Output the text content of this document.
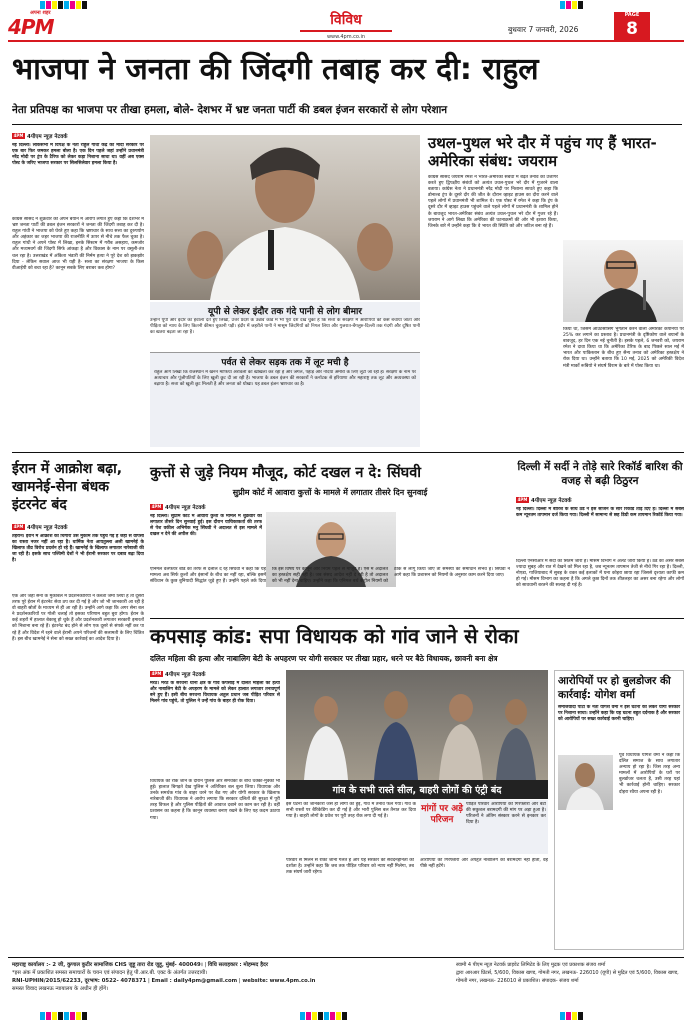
अपना शहर
4PM	विविध
www.4pm.co.in
बुधवार 7 जनवरी, 2026
PAGE
8
भाजपा ने जनता की जिंदगी तबाह कर दी: राहुल
नेता प्रतिपक्ष का भाजपा पर तीखा हमला, बोले- देशभर में भ्रष्ट जनता पार्टी की डबल इंजन सरकारों से लोग परेशान
4PM 4पीएम न्यूज़ नेटवर्क
नई दिल्ली। लोकसभा में विपक्ष के नेता राहुल गांधी केंद्र की मोदी सरकार पर एक बार फिर जमकर हमला बोला है। एक दिन पहले जहां उन्होंने प्रधानमंत्री नरेंद्र मोदी पर ट्रंप के टैरिफ को लेकर कड़ा निशाना साधा था। वहीं अब एक्स पोस्ट के जरिए भाजपा सरकार पर सिलसिलेवार हमला किया है।
कांग्रेस सांसद ने शुक्रवार को अपने बयान में आरोप लगाते हुए कहा कि देशभर में भ्रष्ट जनता पार्टी की डबल इंजन सरकारों ने जनता की जिंदगी तबाह कर दी है। राहुल गांधी ने भाजपा को घेरते हुए कहा कि भ्रष्टाचार के साथ सत्ता का दुरुपयोग और अहंकार का जहर भाजपा की राजनीति में ऊपर से नीचे तक फैल चुका है। राहुल गांधी ने अपने पोस्ट में लिखा, इनके सिस्टम में गरीब असहाय, कमजोर और मध्यमवर्ग की जिंदगी सिर्फ आंकड़ा है और विकास के नाम पर वसूली-तंत्र चल रहा है। उत्तराखंड में अंकिता भंडारी की निर्मम हत्या ने पूरे देश को झकझोर दिया - लेकिन सवाल आज भी यही है- सत्ता का संरक्षण भाजपा के किस वीआईपी को बचा रहा है? कानून सबके लिए बराबर कब होगा?
यूपी से लेकर इंदौर तक गंदे पानी से लोग बीमार
उन्होंने यूपी और इंदौर का हवाला देते हुए लिखा, उत्तर प्रदेश के उन्नाव कांड में भी पूरा देश देख चुका है कि सत्ता के संरक्षण में आरोपियों को कैसे बचाया जाता और पीड़िता को न्याय के लिए कितनी कीमत चुकानी पड़ी। इंदौर में जहरीले पानी ने मासूम जिंदगियों को निगल लिया और गुजरात-बेंगलुरु-दिल्ली तक गंदगी और दूषित पानी का खतरा बढ़ता जा रहा है।
पर्वत से लेकर सड़क तक में लूट मची है
राहुल आगे लिखा कि राजस्थान में खनन माफिया अरावली को खोखला कर रहा है और जंगल, पहाड़ और नदियां अमीरों के लिए लूटी जा रही हैं। संरक्षण के नाम पर अत्याचार और पूंजीपतियों के लिए खुली छूट दी जा रही है। भाजपा के डबल इंजन की सरकारों ने कर्नाटक से हरियाणा और महाराष्ट्र तक लूट और अव्यवस्था को बढ़ाया है। सत्ता को खुली छूट मिलती है और जनता को धोखा। यह डबल इंजन भ्रष्टाचार का है।
उथल-पुथल भरे दौर में पहुंच गए हैं भारत-अमेरिका संबंध: जयराम
कांग्रेस सांसद जयराम रमेश ने भारत-अमेरिका संबंधों में बढ़ते तनाव को उजागर करते हुए द्विपक्षीय संबंधों को अत्यंत उथल-पुथल भरे दौर में गुजरने वाला बताया। कांग्रेस नेता ने प्रधानमंत्री नरेंद्र मोदी पर निशाना साधते हुए कहा कि डोनाल्ड ट्रंप के दूसरे दौर की जीत के दौरान व्हाइट हाउस का दौरा करने वाले पहले लोगों में प्रधानमंत्री भी शामिल थे। एक पोस्ट में रमेश ने कहा कि ट्रंप के दूसरे दौर में व्हाइट हाउस पहुंचने वाले पहले लोगों में प्रधानमंत्री के शामिल होने के बावजूद भारत-अमेरिका संबंध अत्यंत उथल-पुथल भरे दौर में गुजर रहे हैं। जयराम ने आगे लिखा कि अमेरिका की घटनाक्रमों की ओर भी इशारा किया, जिनके बारे में उन्होंने कहा कि वे भारत की स्थिति को और जटिल बना रहे हैं।
किया था, जिसमें आउटसोर्सिंग भुगतान करने वाली अमेरिकी कंपनियों पर 25% कर लगाने का प्रस्ताव है। प्रधानमंत्री के दृष्टिकोण वाले बयानों के बावजूद, हर दिन एक नई चुनौती है। इसके पहले, 6 जनवरी को, जयराम रमेश ने दावा किया था कि अमेरिका टैरिफ के बाद पिछले साल मई में भारत और पाकिस्तान के बीच हुए सैन्य तनाव को अमेरिका हस्तक्षेप ने रोक दिया था। उन्होंने बताया कि 10 मई, 2025 को अमेरिकी विदेश मंत्री मार्को रूबियो ने संघर्ष विराम के बारे में पोस्ट किया था।
ईरान में आक्रोश बढ़ा, खामनेई-सेना बंधक इंटरनेट बंद
4PM 4पीएम न्यूज़ नेटवर्क
तेहरान। ईरान में आक्रोश की चिंगारी उस मुकाम तक पहुंच गई है जहां से वापसी का रास्ता नजर नहीं आ रहा है। धार्मिक नेता आयतुल्ला अली खामनेई के खिलाफ तीव्र विरोध प्रदर्शन हो रहे हैं। खामनेई के खिलाफ लगातार नारेबाजी की जा रही है। इसके साथ पश्चिमी देशों ने भी ईरानी सरकार पर दबाव बढ़ा दिया है।
एक ओर जहां सेना के मुकाबले में प्रदर्शनकारियों ने कब्जा जमा लिया है तो दूसरी तरफ पूरे ईरान में इंटरनेट सेवा ठप कर दी गई है और जो भी जानकारी आ रही है वो बाहरी स्रोतों के माध्यम से ही आ रही है। उन्होंने आगे कहा कि अगर सेना बल ने प्रदर्शनकारियों पर गोली चलाई तो इसका परिणाम बहुत बुरा होगा। ईरान के कई शहरों में हालात बेकाबू हो चुके हैं और प्रदर्शनकारी लगातार सरकारी इमारतों को निशाना बना रहे हैं। इंटरनेट बंद होने से लोग एक दूसरे से संपर्क नहीं कर पा रहे हैं और विदेश में रहने वाले ईरानी अपने परिजनों की सलामती के लिए चिंतित हैं। इस बीच खामनेई ने सेना को सख्त कार्रवाई का आदेश दिया है।
कुत्तों से जुड़े नियम मौजूद, कोर्ट दखल न दे: सिंघवी
सुप्रीम कोर्ट में आवारा कुत्तों के मामले में लगातार तीसरे दिन सुनवाई
4PM 4पीएम न्यूज़ नेटवर्क
नई दिल्ली। सुप्रीम कोर्ट में आवारा कुत्तों के मामले में शुक्रवार को लगातार तीसरे दिन सुनवाई हुई। इस दौरान याचिकाकर्ता की तरफ से पेश वकील अभिषेक मनु सिंघवी ने अदालत से इस मामले में दखल न देने की अपील की।
एनिमल वेलफेयर बोर्ड की तरफ से दलील दे रहे सिंघवी ने कहा कि यह मामला अब सिर्फ कुत्तों और इंसानों के बीच का नहीं रहा, बल्कि इसमें संविधान के कुछ बुनियादी सिद्धांत जुड़े हुए हैं। उन्होंने पहले तर्क दिया कि इस विषय पर कानून और नियम पहले से मौजूद हैं। ऐसे में अदालत का हस्तक्षेप सही नहीं है। जब संसद आदेश नहीं दे रही है तो अदालत को भी नहीं देना चाहिए। उन्होंने कहा कि एनिमल बर्थ कंट्रोल नियमों को ठीक से लागू किया जाए तो समस्या का समाधान संभव है। सिंघवी ने आगे कहा कि प्रशासन को नियमों के अनुसार काम करने दिया जाए।
दिल्ली में सर्दी ने तोड़े सारे रिकॉर्ड बारिश की वजह से बढ़ी ठिठुरन
4PM 4पीएम न्यूज़ नेटवर्क
नई दिल्ली। दिल्ली में बारिश के साथ ठंड ने इस सीजन के सारे रिकॉर्ड तोड़ दिए हैं। दिल्ली में सबसे कम न्यूनतम तापमान दर्ज किया गया। दिल्ली में सामान्य से छह डिग्री कम तापमान रिकॉर्ड किया गया।
दिल्ली एनसीआर में सर्दी का सितम जारी है। मौसम विभाग ने अलर्ट जारी किया है। ठंड का असर सबसे ज्यादा सुबह और रात में देखने को मिल रहा है, जब न्यूनतम तापमान तेजी से नीचे गिर रहा है। दिल्ली, नोएडा, गाजियाबाद में सुबह के वक्त कई इलाकों में घना कोहरा छाया रहा जिससे दृश्यता काफी कम हो गई। मौसम विभाग का कहना है कि अगले कुछ दिनों तक शीतलहर का असर बना रहेगा और लोगों को सावधानी बरतने की सलाह दी गई है।
कपसाड़ कांड: सपा विधायक को गांव जाने से रोका
दलित महिला की हत्या और नाबालिग बेटी के अपहरण पर योगी सरकार पर तीखा प्रहार, धरने पर बैठे विधायक, छावनी बना क्षेत्र
4PM 4पीएम न्यूज़ नेटवर्क
मेरठ। मेरठ के सरधना थाना क्षेत्र के गांव कपसाड़ में दलित महिला की हत्या और नाबालिग बेटी के अपहरण के मामले को लेकर हालात लगातार तनावपूर्ण बने हुए हैं। इसी बीच सरधना विधायक अतुल प्रधान जब पीड़ित परिवार से मिलने गांव पहुंचे, तो पुलिस ने उन्हें गांव के बाहर ही रोक दिया।
विधायक को रोके जाने के दौरान पुलिस और समर्थकों के बीच धक्का-मुक्की भी हुई। हालात बिगड़ते देख पुलिस ने अतिरिक्त बल बुला लिया। विधायक और उनके समर्थक गांव के बाहर धरने पर बैठ गए और योगी सरकार के खिलाफ नारेबाजी की। विधायक ने आरोप लगाया कि सरकार दलितों की सुरक्षा में पूरी तरह विफल है और पुलिस पीड़ितों की आवाज दबाने का काम कर रही है। वहीं प्रशासन का कहना है कि कानून व्यवस्था बनाए रखने के लिए यह कदम उठाया गया।
गांव के सभी रास्ते सील, बाहरी लोगों की एंट्री बंद
इस घटना की जानकारी जैसे ही लोगों को हुई, गांव में तनाव फैल गया। गांव के सभी रास्तों पर बैरिकेडिंग कर दी गई है और भारी पुलिस बल तैनात कर दिया गया है। बाहरी लोगों के प्रवेश पर पूरी तरह रोक लगा दी गई है।
मांगों पर अड़े परिजन
पीड़ित परिवार आरोपियों की गिरफ्तारी और बेटी की सकुशल बरामदगी की मांग पर अड़ा हुआ है। परिजनों ने अंतिम संस्कार करने से इनकार कर दिया है।
परिवार से मिलने से रोका जाना गलत है और यह सरकार की संवेदनहीनता को दर्शाता है। उन्होंने कहा कि जब तक पीड़ित परिवार को न्याय नहीं मिलेगा, तब तक संघर्ष जारी रहेगा।
आरोपियों की गिरफ्तारी और अपहृत नाबालिग की बरामदगी नहीं होती, वह पीछे नहीं हटेंगे।
आरोपियों पर हो बुलडोजर की कार्रवाई: योगेश वर्मा
समाजवादी पार्टी के नेता योगेश वर्मा ने इस घटना को लेकर योगी सरकार पर निशाना साधा। उन्होंने कहा कि यह घटना बहुत दर्दनाक है और सरकार को आरोपियों पर सख्त कार्रवाई करनी चाहिए।
पूर्व विधायक योगेश वर्मा ने कहा कि दलित समाज के साथ लगातार अन्याय हो रहा है। जिस तरह अन्य मामलों में आरोपियों के घरों पर बुलडोजर चलता है, उसी तरह यहां भी कार्रवाई होनी चाहिए। सरकार दोहरा रवैया अपना रही है।
महाराष्ट्र कार्यालय :- 2 जी, कुणाल कुटीर सामाजिक CHS जुहू तारा रोड जुहू, मुंबई- 400049। | विधि सलाहकार : मोहम्मद हैदर
*इस अंक में प्रकाशित समस्त समाचारों के चयन एवं संपादन हेतु पी.आर.बी. एक्ट के अंतर्गत उत्तरदायी।
RNI-UPHIN/2015/62233, दूरभाष: 0522- 4078371 | Email : daily4pm@gmail.com | website: www.4pm.co.in
समस्त विवाद लखनऊ न्यायालय के अधीन ही होंगे।
स्वामी 4 पीएम न्यूज़ नेटवर्क प्राइवेट लिमिटेड के लिए मुद्रक एवं प्रकाशक संजय शर्मा
द्वारा आरआर प्रिंटर्स, 5/600, विकास खण्ड, गोमती नगर, लखनऊ- 226010 (यूपी) से मुद्रित एवं 5/600, विकास खण्ड, गोमती नगर, लखनऊ- 226010 से प्रकाशित। संपादक- संजय शर्मा
